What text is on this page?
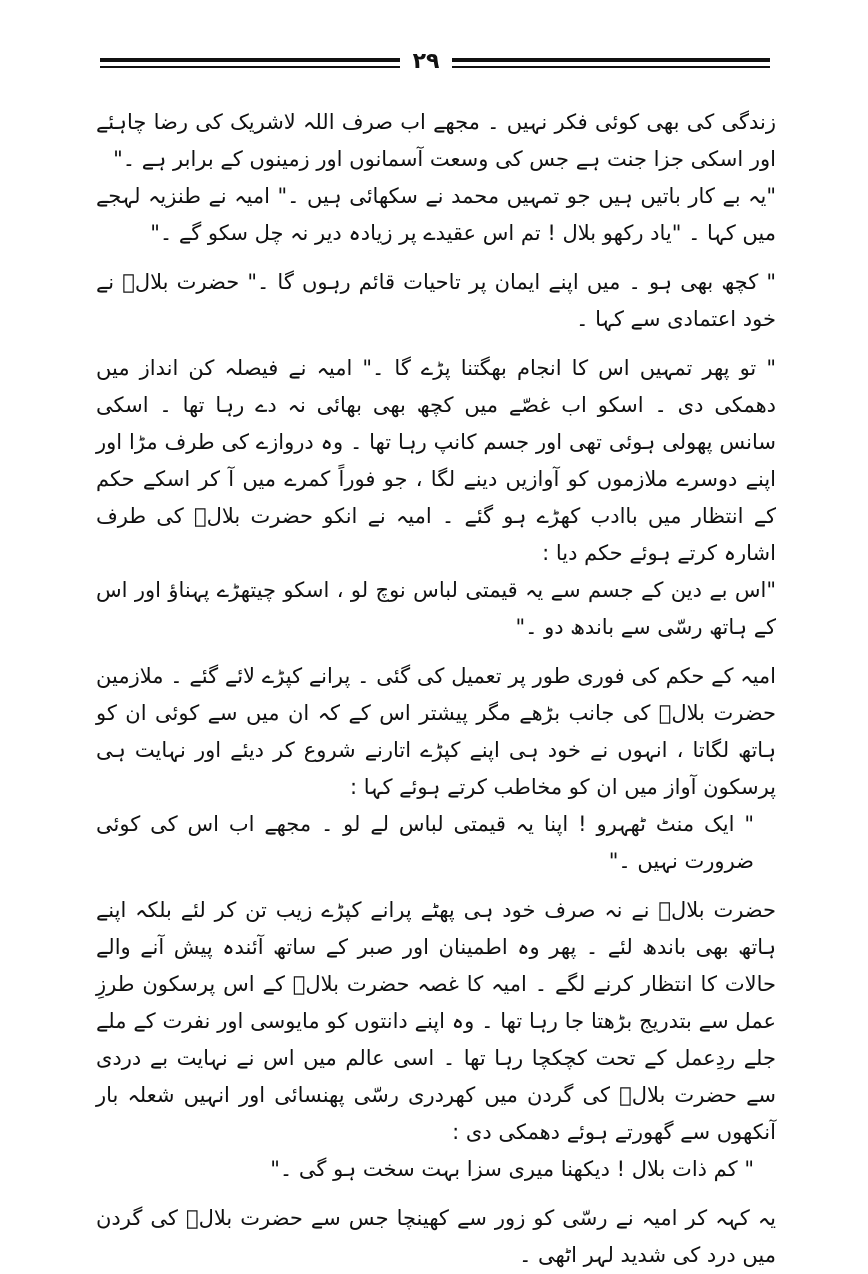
۲۹

زندگی کی بھی کوئی فکر نہیں ۔ مجھے اب صرف اللہ لاشریک کی رضا چاہئے اور اسکی جزا جنت ہے جس کی وسعت آسمانوں اور زمینوں کے برابر ہے ۔"

"یہ بے کار باتیں ہیں جو تمہیں محمد نے سکھائی ہیں ۔" امیہ نے طنزیہ لہجے میں کہا ۔ "یاد رکھو بلال ! تم اس عقیدے پر زیادہ دیر نہ چل سکو گے ۔"

" کچھ بھی ہو ۔ میں اپنے ایمان پر تاحیات قائم رہوں گا ۔" حضرت بلالؓ نے خود اعتمادی سے کہا ۔

" تو پھر تمہیں اس کا انجام بھگتنا پڑے گا ۔" امیہ نے فیصلہ کن انداز میں دھمکی دی ۔ اسکو اب غصّے میں کچھ بھی بھائی نہ دے رہا تھا ۔ اسکی سانس پھولی ہوئی تھی اور جسم کانپ رہا تھا ۔ وہ دروازے کی طرف مڑا اور اپنے دوسرے ملازموں کو آوازیں دینے لگا ، جو فوراً کمرے میں آ کر اسکے حکم کے انتظار میں باادب کھڑے ہو گئے ۔ امیہ نے انکو حضرت بلالؓ کی طرف اشارہ کرتے ہوئے حکم دیا :

"اس بے دین کے جسم سے یہ قیمتی لباس نوچ لو ، اسکو چیتھڑے پہناؤ اور اس کے ہاتھ رسّی سے باندھ دو ۔"

امیہ کے حکم کی فوری طور پر تعمیل کی گئی ۔ پرانے کپڑے لائے گئے ۔ ملازمین حضرت بلالؓ کی جانب بڑھے مگر پیشتر اس کے کہ ان میں سے کوئی ان کو ہاتھ لگاتا ، انہوں نے خود ہی اپنے کپڑے اتارنے شروع کر دیئے اور نہایت ہی پرسکون آواز میں ان کو مخاطب کرتے ہوئے کہا :

" ایک منٹ ٹھہرو ! اپنا یہ قیمتی لباس لے لو ۔ مجھے اب اس کی کوئی ضرورت نہیں ۔"

حضرت بلالؓ نے نہ صرف خود ہی پھٹے پرانے کپڑے زیب تن کر لئے بلکہ اپنے ہاتھ بھی باندھ لئے ۔ پھر وہ اطمینان اور صبر کے ساتھ آئندہ پیش آنے والے حالات کا انتظار کرنے لگے ۔ امیہ کا غصہ حضرت بلالؓ کے اس پرسکون طرزِ عمل سے بتدریج بڑھتا جا رہا تھا ۔ وہ اپنے دانتوں کو مایوسی اور نفرت کے ملے جلے ردِعمل کے تحت کچکچا رہا تھا ۔ اسی عالم میں اس نے نہایت بے دردی سے حضرت بلالؓ کی گردن میں کھردری رسّی پھنسائی اور انہیں شعلہ بار آنکھوں سے گھورتے ہوئے دھمکی دی :

" کم ذات بلال ! دیکھنا میری سزا بہت سخت ہو گی ۔"

یہ کہہ کر امیہ نے رسّی کو زور سے کھینچا جس سے حضرت بلالؓ کی گردن میں درد کی شدید لہر اٹھی ۔
